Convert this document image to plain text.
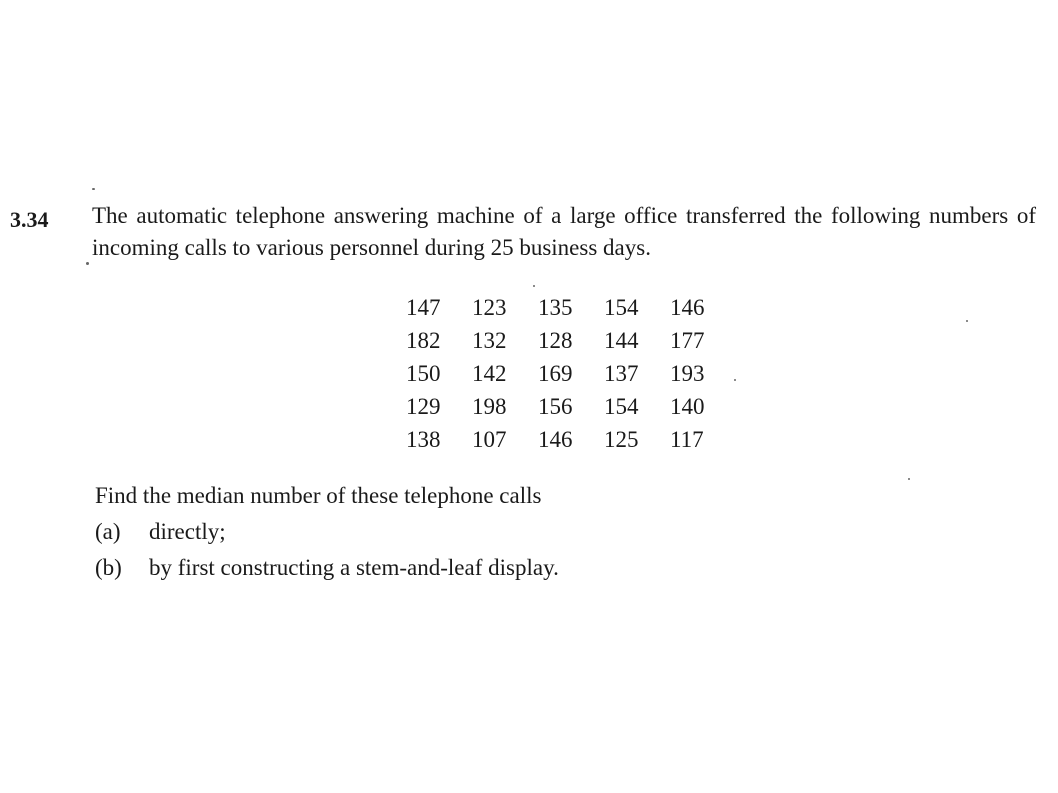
3.34	The automatic telephone answering machine of a large office transferred the following numbers of incoming calls to various personnel during 25 business days.
147	123	135	154	146
182	132	128	144	177
150	142	169	137	193
129	198	156	154	140
138	107	146	125	117
Find the median number of these telephone calls
(a)	directly;
(b)	by first constructing a stem-and-leaf display.
